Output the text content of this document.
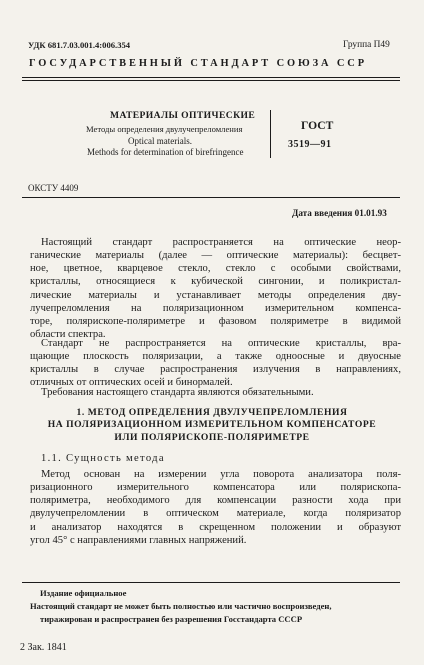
УДК 681.7.03.001.4:006.354	Группа П49
ГОСУДАРСТВЕННЫЙ СТАНДАРТ СОЮЗА ССР
МАТЕРИАЛЫ ОПТИЧЕСКИЕ
Методы определения двулучепреломления
Optical materials.
Methods for determination of birefringence
ГОСТ
3519—91
ОКСТУ 4409
Дата введения 01.01.93
Настоящий стандарт распространяется на оптические неор-
ганические материалы (далее — оптические материалы): бесцвет-
ное, цветное, кварцевое стекло, стекло с особыми свойствами,
кристаллы, относящиеся к кубической сингонии, и поликристал-
лические материалы и устанавливает методы определения дву-
лучепреломления на поляризационном измерительном компенса-
торе, полярископе-поляриметре и фазовом поляриметре в видимой
области спектра.
Стандарт не распространяется на оптические кристаллы, вра-
щающие плоскость поляризации, а также одноосные и двуосные
кристаллы в случае распространения излучения в направлениях,
отличных от оптических осей и бинормалей.
Требования настоящего стандарта являются обязательными.
1. МЕТОД ОПРЕДЕЛЕНИЯ ДВУЛУЧЕПРЕЛОМЛЕНИЯ
НА ПОЛЯРИЗАЦИОННОМ ИЗМЕРИТЕЛЬНОМ КОМПЕНСАТОРЕ
ИЛИ ПОЛЯРИСКОПЕ-ПОЛЯРИМЕТРЕ
1.1. Сущность метода
Метод основан на измерении угла поворота анализатора поля-
ризационного измерительного компенсатора или полярископа-
поляриметра, необходимого для компенсации разности хода при
двулучепреломлении в оптическом материале, когда поляризатор
и анализатор находятся в скрещенном положении и образуют
угол 45° с направлениями главных напряжений.
Издание официальное
Настоящий стандарт не может быть полностью или частично воспроизведен,
тиражирован и распространен без разрешения Госстандарта СССР
2 Зак. 1841
